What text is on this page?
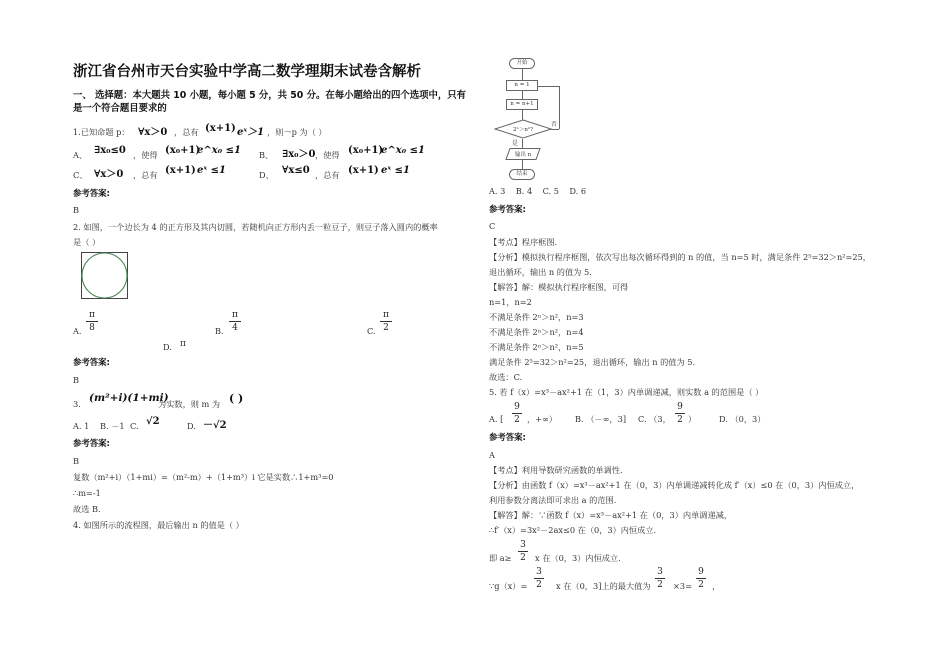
浙江省台州市天台实验中学高二数学理期末试卷含解析
一、 选择题：本大题共 10 小题，每小题 5 分，共 50 分。在每小题给出的四个选项中，只有
是一个符合题目要求的
1.已知命题 p： ∀x＞0 ，总有 (x+1) eˣ＞1 ，则￢p 为（ ）
A、 ∃x₀≤0 ，使得 (x₀+1)
e^x₀ ≤1 B、 ∃x₀＞0 ，使得 (x₀+1)
e^x₀ ≤1
C、 ∀x＞0 ，总有 (x+1) eˣ ≤1	D、 ∀x≤0 ，总有 (x+1) eˣ ≤1
参考答案:
B
2. 如图，一个边长为 4 的正方形及其内切圆，若随机向正方形内丢一粒豆子，则豆子落入圆内的概率
是（ ）
A.
π
8	B.
π
4	C.
π
2
D. π
参考答案:
B
3. (m²+i)(1+mi)
为实数，则 m 为 ( )
A. 1 B. －1 C. √2	D. －√2
参考答案:
B
复数（m²+i）（1+mi）=（m²-m）+（1+m³）i 它是实数∴1+m³=0
∴m=-1
故选 B.
4. 如图所示的流程图，最后输出 n 的值是（ ）
开始
n = 1
n = n+1
2ⁿ＞n²?
否
是
输出 n
结束
A. 3    B. 4    C. 5    D. 6
参考答案:
C
【考点】程序框图.
【分析】模拟执行程序框图，依次写出每次循环得到的 n 的值，当 n=5 时，满足条件 2⁵=32＞n²=25，
退出循环，输出 n 的值为 5.
【解答】解：模拟执行程序框图，可得
n=1，n=2
不满足条件 2ⁿ＞n²，n=3
不满足条件 2ⁿ＞n²，n=4
不满足条件 2ⁿ＞n²，n=5
满足条件 2⁵=32＞n²=25，退出循环，输出 n 的值为 5.
故选：C.
5. 若 f（x）=x³－ax²+1 在（1，3）内单调递减，则实数 a 的范围是（ ）
A. [
9
2 ，+∞） B. （－∞，3] C. （3，
9
2 ）	D. （0，3）
参考答案:
A
【考点】利用导数研究函数的单调性.
【分析】由函数 f（x）=x³－ax²+1 在（0，3）内单调递减转化成 f′（x）≤0 在（0，3）内恒成立，
利用参数分离法即可求出 a 的范围.
【解答】解：∵函数 f（x）=x³－ax²+1 在（0，3）内单调递减，
∴f′（x）=3x²－2ax≤0 在（0，3）内恒成立.
即 a≥
3
2 x 在（0，3）内恒成立.
∵g（x）=
3
2 x 在（0，3]上的最大值为
3
2 ×3=
9
2 ，
